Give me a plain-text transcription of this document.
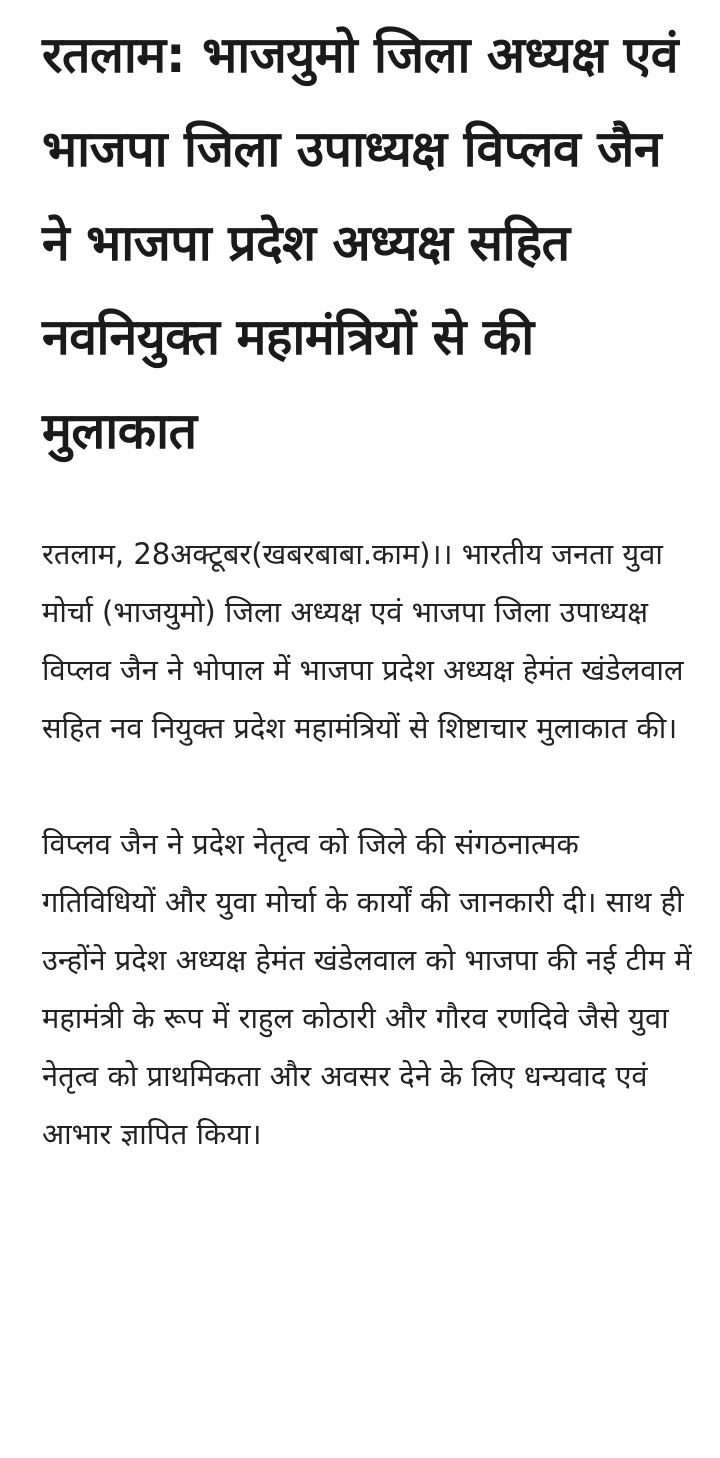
रतलाम: भाजयुमो जिला अध्यक्ष एवं भाजपा जिला उपाध्यक्ष विप्लव जैन ने भाजपा प्रदेश अध्यक्ष सहित नवनियुक्त महामंत्रियों से की मुलाकात

रतलाम, 28अक्टूबर(खबरबाबा.काम)।। भारतीय जनता युवा मोर्चा (भाजयुमो) जिला अध्यक्ष एवं भाजपा जिला उपाध्यक्ष विप्लव जैन ने भोपाल में भाजपा प्रदेश अध्यक्ष हेमंत खंडेलवाल सहित नव नियुक्त प्रदेश महामंत्रियों से शिष्टाचार मुलाकात की।

विप्लव जैन ने प्रदेश नेतृत्व को जिले की संगठनात्मक गतिविधियों और युवा मोर्चा के कार्यों की जानकारी दी। साथ ही उन्होंने प्रदेश अध्यक्ष हेमंत खंडेलवाल को भाजपा की नई टीम में महामंत्री के रूप में राहुल कोठारी और गौरव रणदिवे जैसे युवा नेतृत्व को प्राथमिकता और अवसर देने के लिए धन्यवाद एवं आभार ज्ञापित किया।
